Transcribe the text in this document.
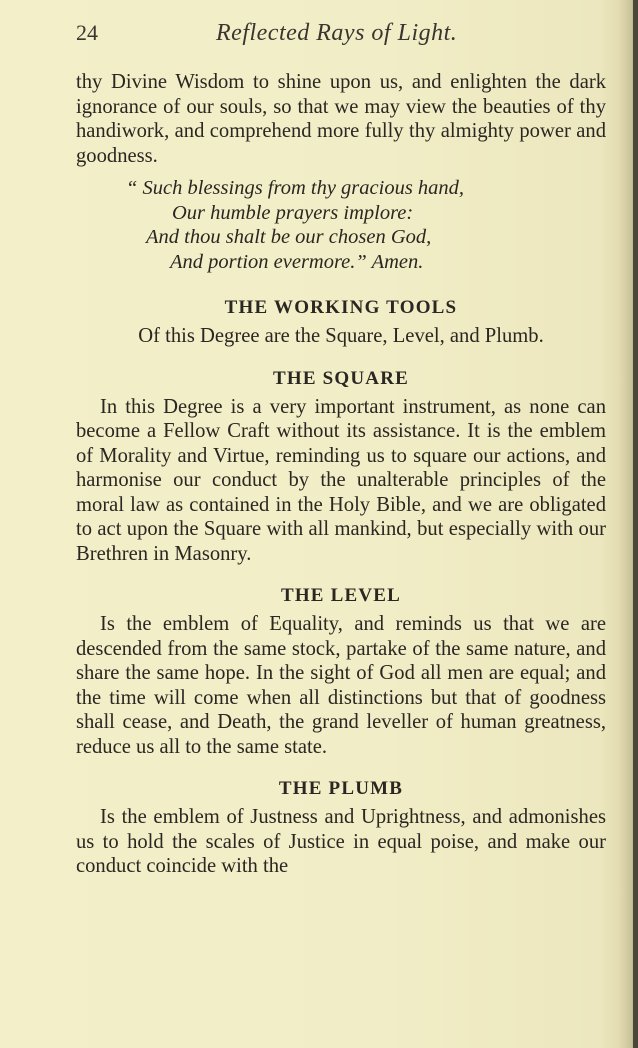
24	Reflected Rays of Light.

thy Divine Wisdom to shine upon us, and enlighten the dark ignorance of our souls, so that we may view the beauties of thy handiwork, and comprehend more fully thy almighty power and goodness.

“ Such blessings from thy gracious hand,
Our humble prayers implore:
And thou shalt be our chosen God,
And portion evermore.” Amen.
THE WORKING TOOLS

Of this Degree are the Square, Level, and Plumb.

THE SQUARE

In this Degree is a very important instrument, as none can become a Fellow Craft without its assistance. It is the emblem of Morality and Virtue, reminding us to square our actions, and harmonise our conduct by the unalterable principles of the moral law as contained in the Holy Bible, and we are obligated to act upon the Square with all mankind, but especially with our Brethren in Masonry.

THE LEVEL

Is the emblem of Equality, and reminds us that we are descended from the same stock, partake of the same nature, and share the same hope. In the sight of God all men are equal; and the time will come when all distinctions but that of goodness shall cease, and Death, the grand leveller of human greatness, reduce us all to the same state.

THE PLUMB

Is the emblem of Justness and Uprightness, and admonishes us to hold the scales of Justice in equal poise, and make our conduct coincide with the
